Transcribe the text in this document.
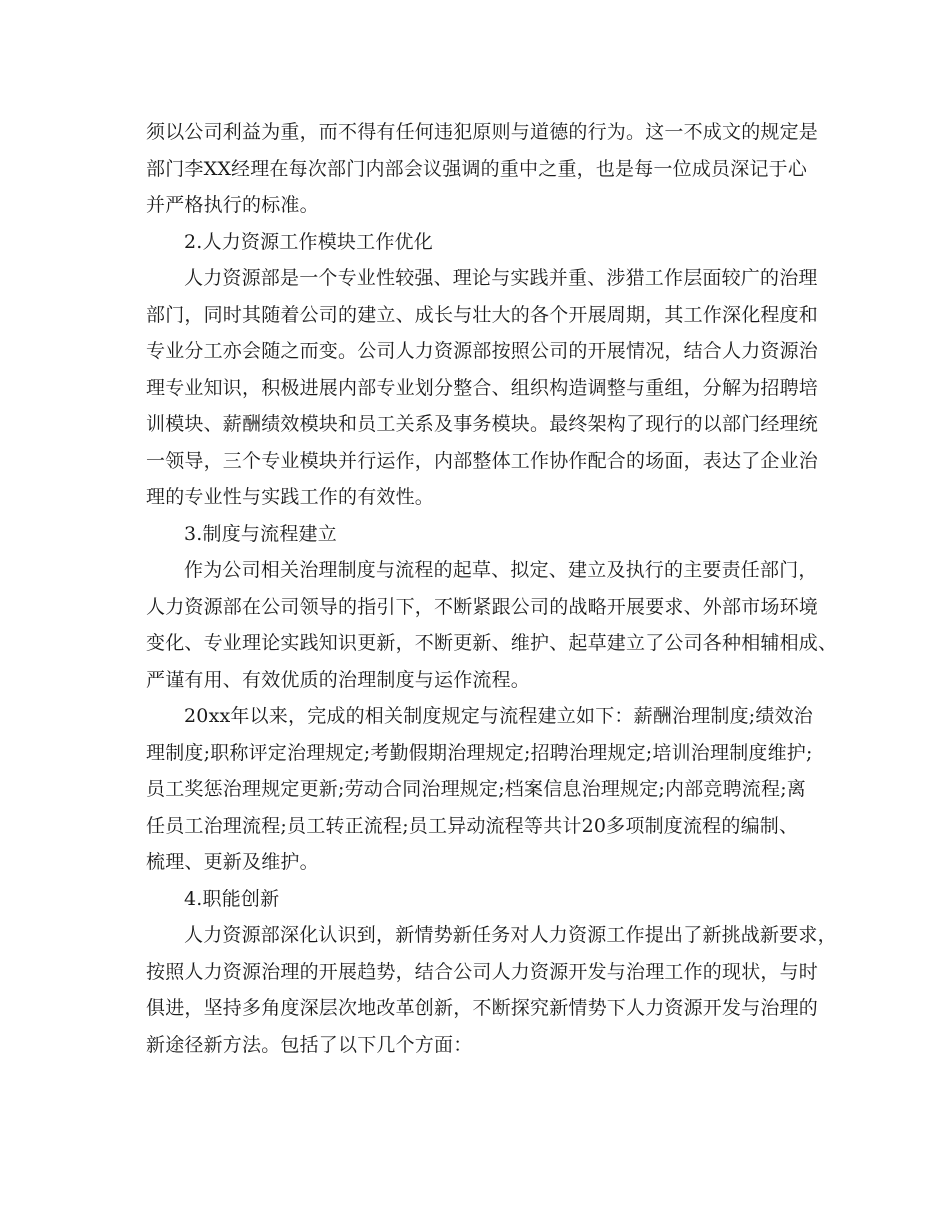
须以公司利益为重，而不得有任何违犯原则与道德的行为。这一不成文的规定是
部门李XX经理在每次部门内部会议强调的重中之重，也是每一位成员深记于心
并严格执行的标准。
2.人力资源工作模块工作优化
人力资源部是一个专业性较强、理论与实践并重、涉猎工作层面较广的治理
部门，同时其随着公司的建立、成长与壮大的各个开展周期，其工作深化程度和
专业分工亦会随之而变。公司人力资源部按照公司的开展情况，结合人力资源治
理专业知识，积极进展内部专业划分整合、组织构造调整与重组，分解为招聘培
训模块、薪酬绩效模块和员工关系及事务模块。最终架构了现行的以部门经理统
一领导，三个专业模块并行运作，内部整体工作协作配合的场面，表达了企业治
理的专业性与实践工作的有效性。
3.制度与流程建立
作为公司相关治理制度与流程的起草、拟定、建立及执行的主要责任部门，
人力资源部在公司领导的指引下，不断紧跟公司的战略开展要求、外部市场环境
变化、专业理论实践知识更新，不断更新、维护、起草建立了公司各种相辅相成、
严谨有用、有效优质的治理制度与运作流程。
20xx年以来，完成的相关制度规定与流程建立如下：薪酬治理制度;绩效治
理制度;职称评定治理规定;考勤假期治理规定;招聘治理规定;培训治理制度维护;
员工奖惩治理规定更新;劳动合同治理规定;档案信息治理规定;内部竞聘流程;离
任员工治理流程;员工转正流程;员工异动流程等共计20多项制度流程的编制、
梳理、更新及维护。
4.职能创新
人力资源部深化认识到，新情势新任务对人力资源工作提出了新挑战新要求，
按照人力资源治理的开展趋势，结合公司人力资源开发与治理工作的现状，与时
俱进，坚持多角度深层次地改革创新，不断探究新情势下人力资源开发与治理的
新途径新方法。包括了以下几个方面：
